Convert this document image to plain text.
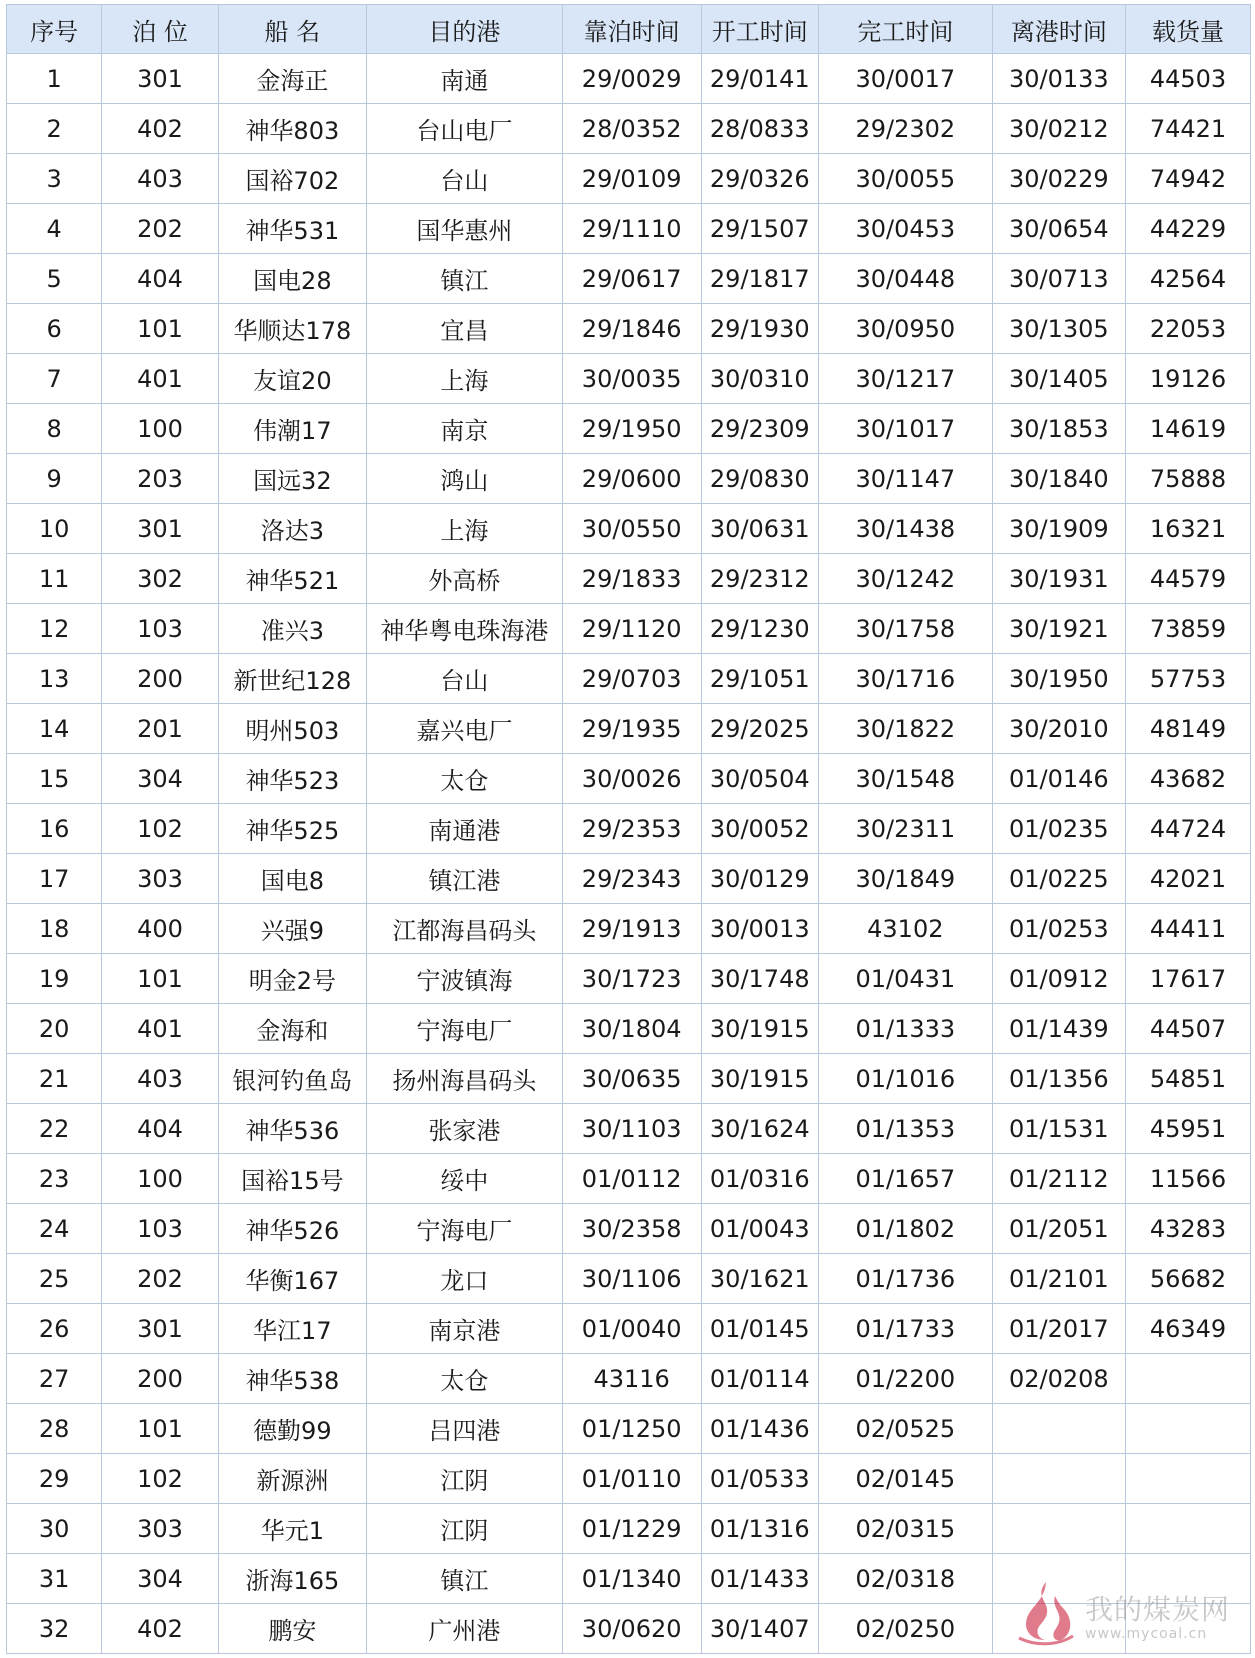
序号	泊 位	船 名	目的港	靠泊时间	开工时间	完工时间	离港时间	载货量
1	301	金海正	南通	29/0029	29/0141	30/0017	30/0133	44503
2	402	神华803	台山电厂	28/0352	28/0833	29/2302	30/0212	74421
3	403	国裕702	台山	29/0109	29/0326	30/0055	30/0229	74942
4	202	神华531	国华惠州	29/1110	29/1507	30/0453	30/0654	44229
5	404	国电28	镇江	29/0617	29/1817	30/0448	30/0713	42564
6	101	华顺达178	宜昌	29/1846	29/1930	30/0950	30/1305	22053
7	401	友谊20	上海	30/0035	30/0310	30/1217	30/1405	19126
8	100	伟潮17	南京	29/1950	29/2309	30/1017	30/1853	14619
9	203	国远32	鸿山	29/0600	29/0830	30/1147	30/1840	75888
10	301	洛达3	上海	30/0550	30/0631	30/1438	30/1909	16321
11	302	神华521	外高桥	29/1833	29/2312	30/1242	30/1931	44579
12	103	准兴3	神华粤电珠海港	29/1120	29/1230	30/1758	30/1921	73859
13	200	新世纪128	台山	29/0703	29/1051	30/1716	30/1950	57753
14	201	明州503	嘉兴电厂	29/1935	29/2025	30/1822	30/2010	48149
15	304	神华523	太仓	30/0026	30/0504	30/1548	01/0146	43682
16	102	神华525	南通港	29/2353	30/0052	30/2311	01/0235	44724
17	303	国电8	镇江港	29/2343	30/0129	30/1849	01/0225	42021
18	400	兴强9	江都海昌码头	29/1913	30/0013	43102	01/0253	44411
19	101	明金2号	宁波镇海	30/1723	30/1748	01/0431	01/0912	17617
20	401	金海和	宁海电厂	30/1804	30/1915	01/1333	01/1439	44507
21	403	银河钓鱼岛	扬州海昌码头	30/0635	30/1915	01/1016	01/1356	54851
22	404	神华536	张家港	30/1103	30/1624	01/1353	01/1531	45951
23	100	国裕15号	绥中	01/0112	01/0316	01/1657	01/2112	11566
24	103	神华526	宁海电厂	30/2358	01/0043	01/1802	01/2051	43283
25	202	华衡167	龙口	30/1106	30/1621	01/1736	01/2101	56682
26	301	华江17	南京港	01/0040	01/0145	01/1733	01/2017	46349
27	200	神华538	太仓	43116	01/0114	01/2200	02/0208	
28	101	德勤99	吕四港	01/1250	01/1436	02/0525		
29	102	新源洲	江阴	01/0110	01/0533	02/0145		
30	303	华元1	江阴	01/1229	01/1316	02/0315		
31	304	浙海165	镇江	01/1340	01/1433	02/0318		
32	402	鹏安	广州港	30/0620	30/1407	02/0250		
我的煤炭网
www.mycoal.cn
